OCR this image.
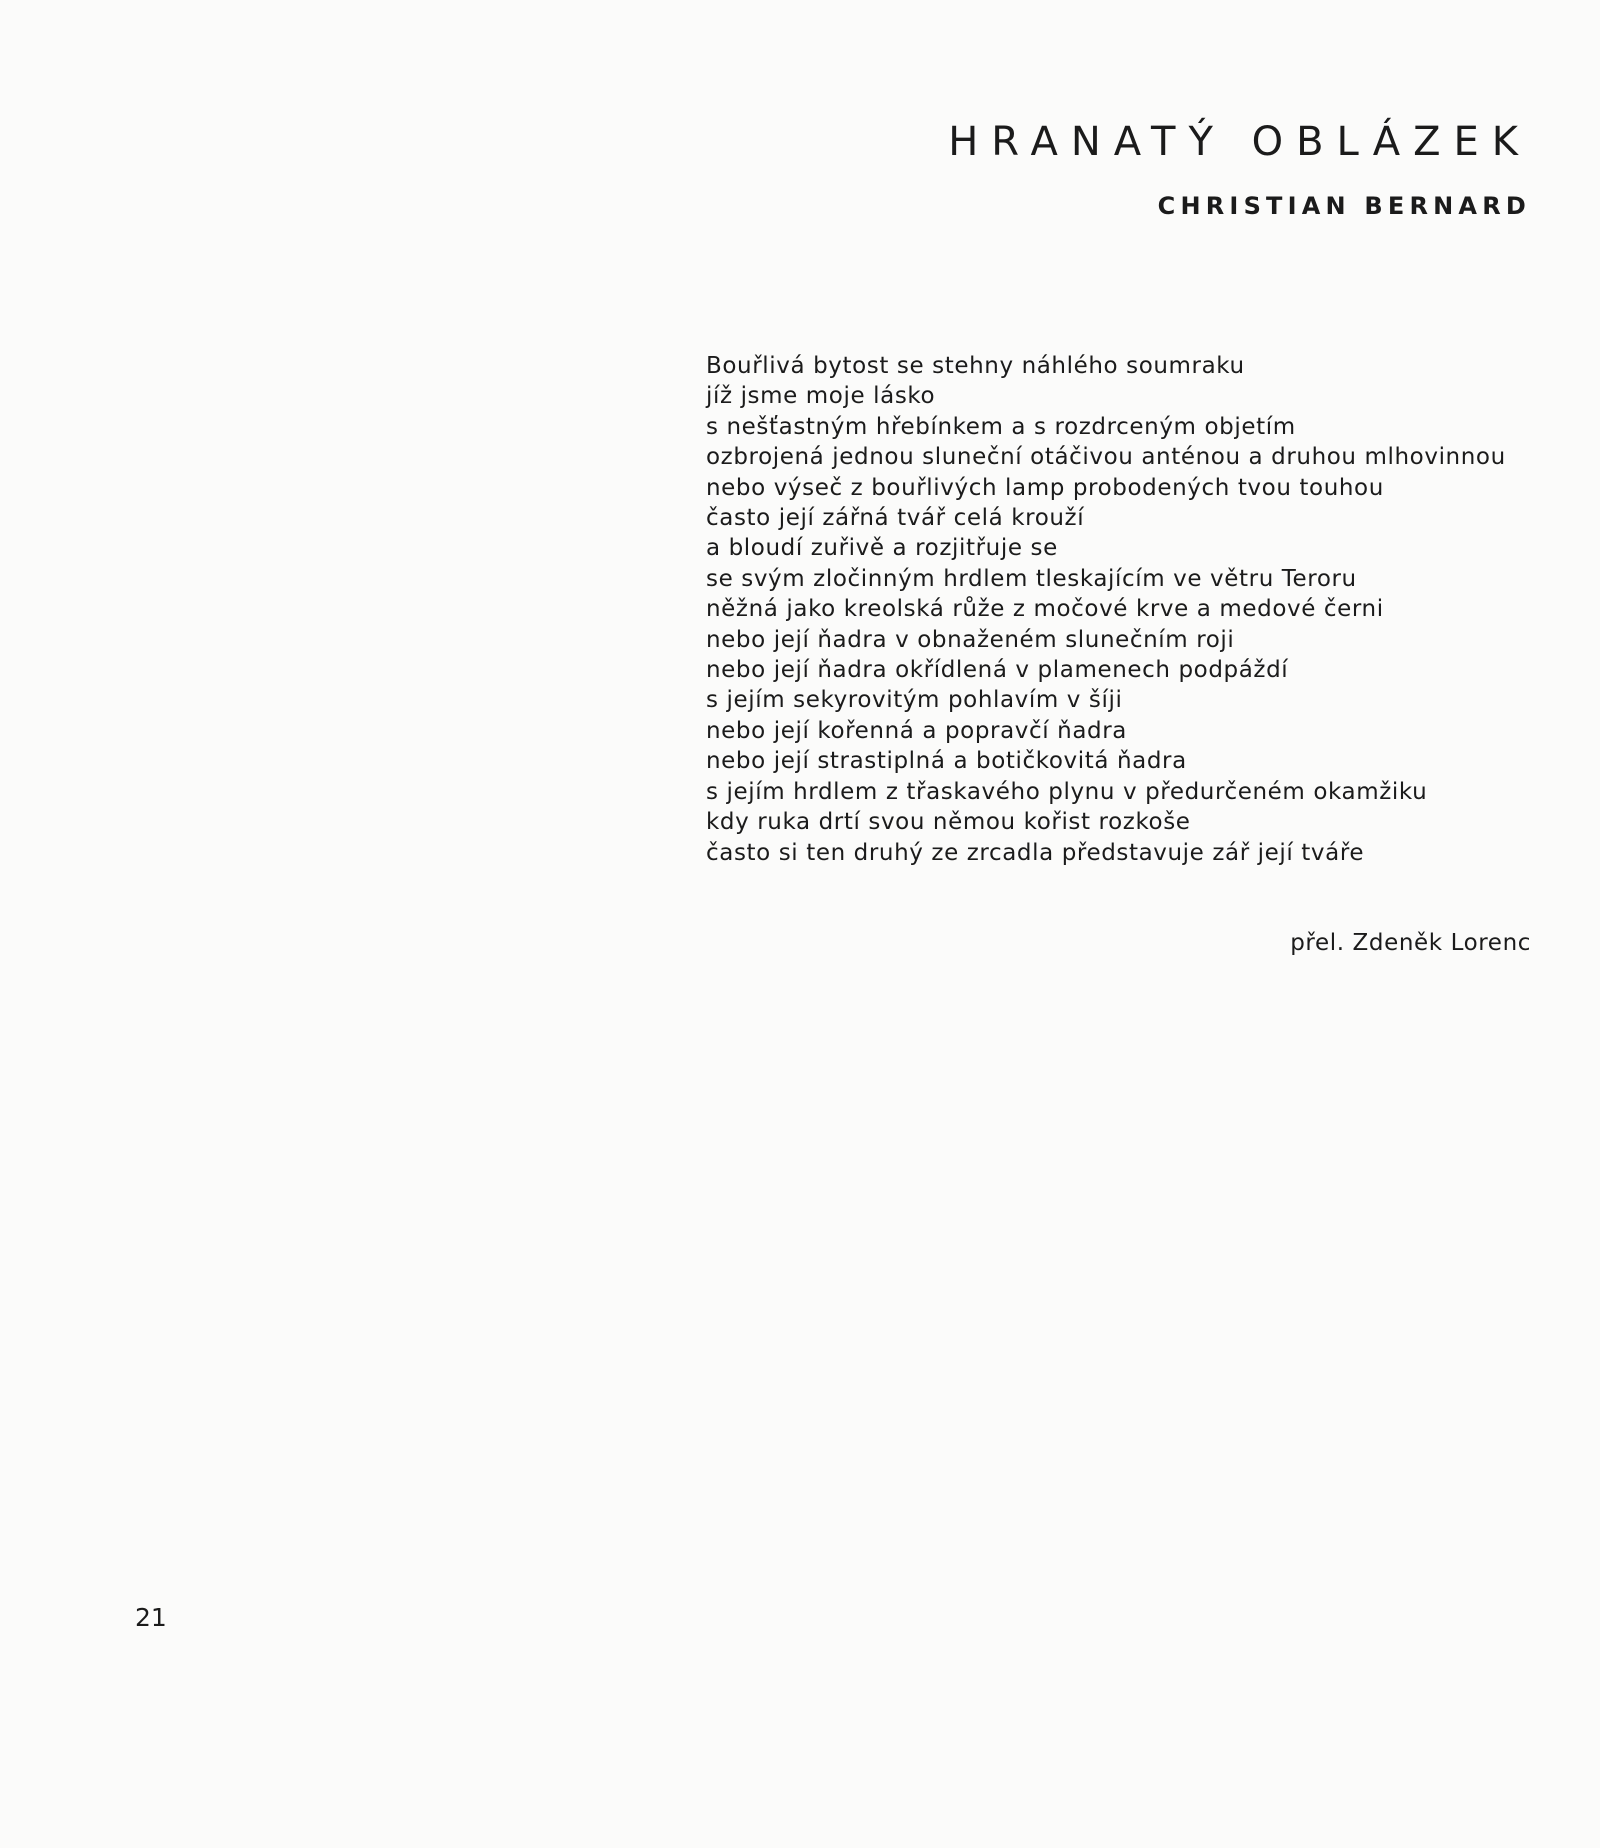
HRANATÝ OBLÁZEK
CHRISTIAN BERNARD
Bouřlivá bytost se stehny náhlého soumraku
jíž jsme moje lásko
s nešťastným hřebínkem a s rozdrceným objetím
ozbrojená jednou sluneční otáčivou anténou a druhou mlhovinnou
nebo výseč z bouřlivých lamp probodených tvou touhou
často její zářná tvář celá krouží
a bloudí zuřivě a rozjitřuje se
se svým zločinným hrdlem tleskajícím ve větru Teroru
něžná jako kreolská růže z močové krve a medové černi
nebo její ňadra v obnaženém slunečním roji
nebo její ňadra okřídlená v plamenech podpáždí
s jejím sekyrovitým pohlavím v šíji
nebo její kořenná a popravčí ňadra
nebo její strastiplná a botičkovitá ňadra
s jejím hrdlem z třaskavého plynu v předurčeném okamžiku
kdy ruka drtí svou němou kořist rozkoše
často si ten druhý ze zrcadla představuje zář její tváře
přel. Zdeněk Lorenc
21
